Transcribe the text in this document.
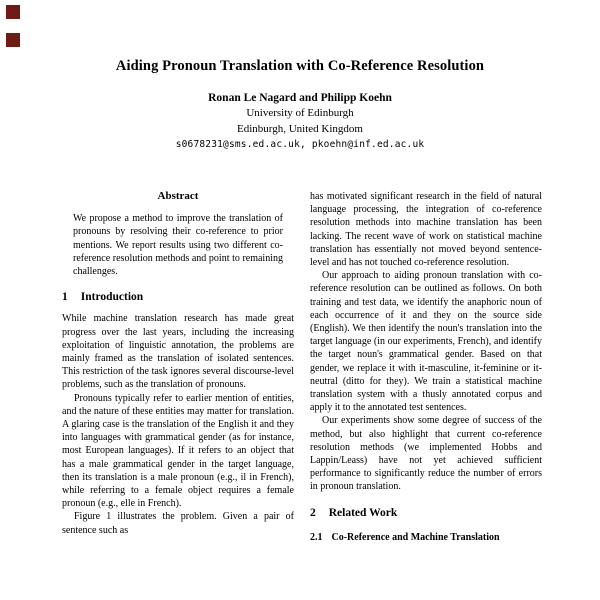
Aiding Pronoun Translation with Co-Reference Resolution
Ronan Le Nagard and Philipp Koehn
University of Edinburgh
Edinburgh, United Kingdom
s0678231@sms.ed.ac.uk, pkoehn@inf.ed.ac.uk
Abstract

We propose a method to improve the translation of pronouns by resolving their co-reference to prior mentions. We report results using two different co-reference resolution methods and point to remaining challenges.

1 Introduction

While machine translation research has made great progress over the last years, including the increasing exploitation of linguistic annotation, the problems are mainly framed as the translation of isolated sentences. This restriction of the task ignores several discourse-level problems, such as the translation of pronouns.

Pronouns typically refer to earlier mention of entities, and the nature of these entities may matter for translation. A glaring case is the translation of the English it and they into languages with grammatical gender (as for instance, most European languages). If it refers to an object that has a male grammatical gender in the target language, then its translation is a male pronoun (e.g., il in French), while referring to a female object requires a female pronoun (e.g., elle in French).

Figure 1 illustrates the problem. Given a pair of sentence such as

has motivated significant research in the field of natural language processing, the integration of co-reference resolution methods into machine translation has been lacking. The recent wave of work on statistical machine translation has essentially not moved beyond sentence-level and has not touched co-reference resolution.

Our approach to aiding pronoun translation with co-reference resolution can be outlined as follows. On both training and test data, we identify the anaphoric noun of each occurrence of it and they on the source side (English). We then identify the noun's translation into the target language (in our experiments, French), and identify the target noun's grammatical gender. Based on that gender, we replace it with it-masculine, it-feminine or it-neutral (ditto for they). We train a statistical machine translation system with a thusly annotated corpus and apply it to the annotated test sentences.

Our experiments show some degree of success of the method, but also highlight that current co-reference resolution methods (we implemented Hobbs and Lappin/Leass) have not yet achieved sufficient performance to significantly reduce the number of errors in pronoun translation.

2 Related Work
2.1 Co-Reference and Machine Translation
